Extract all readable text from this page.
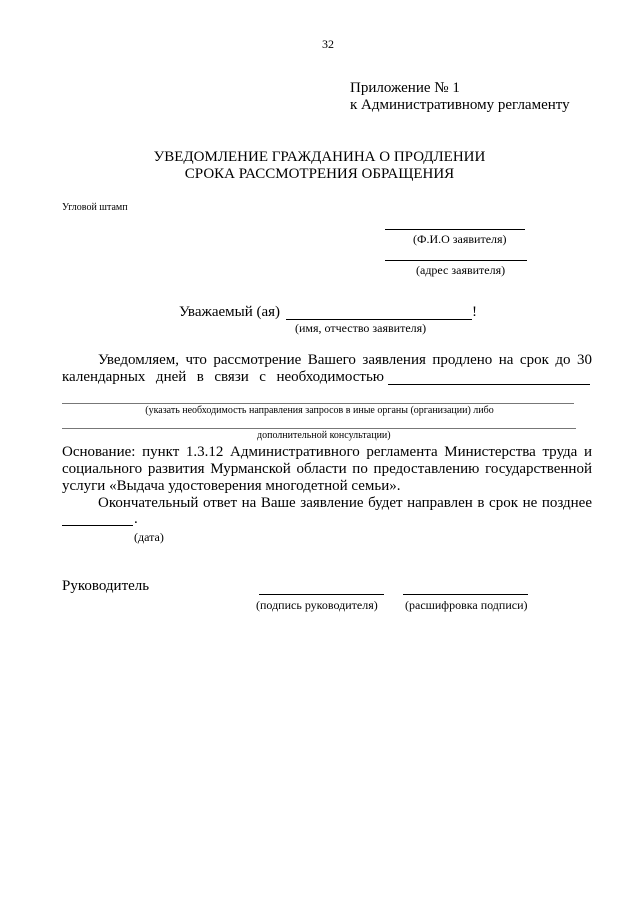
32
Приложение № 1
к Административному регламенту
УВЕДОМЛЕНИЕ ГРАЖДАНИНА О ПРОДЛЕНИИ
СРОКА РАССМОТРЕНИЯ ОБРАЩЕНИЯ
Угловой штамп
(Ф.И.О заявителя)
(адрес заявителя)
Уважаемый (ая)	!
(имя, отчество заявителя)
Уведомляем, что рассмотрение Вашего заявления продлено на срок до 30
календарных дней в связи с необходимостью
(указать необходимость направления запросов в иные органы (организации) либо
дополнительной консультации)
Основание: пункт 1.3.12 Административного регламента Министерства труда и
социального развития Мурманской области по предоставлению государственной
услуги «Выдача удостоверения многодетной семьи».
Окончательный ответ на Ваше заявление будет направлен в срок не позднее
.
(дата)
Руководитель
(подпись руководителя) (расшифровка подписи)
